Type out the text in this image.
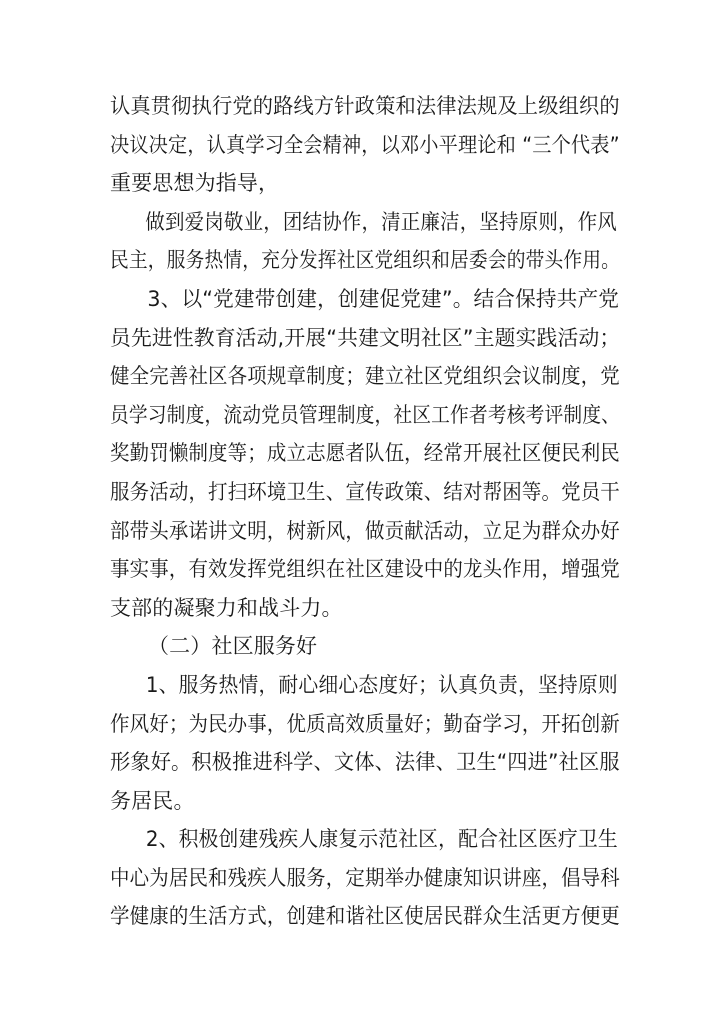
认真贯彻执行党的路线方针政策和法律法规及上级组织的
决议决定，认真学习全会精神，以邓小平理论和 “三个代表”
重要思想为指导，
做到爱岗敬业，团结协作，清正廉洁，坚持原则，作风
民主，服务热情，充分发挥社区党组织和居委会的带头作用。
3、以“党建带创建，创建促党建”。结合保持共产党
员先进性教育活动,开展“共建文明社区”主题实践活动；
健全完善社区各项规章制度；建立社区党组织会议制度，党
员学习制度，流动党员管理制度，社区工作者考核考评制度、
奖勤罚懒制度等；成立志愿者队伍，经常开展社区便民利民
服务活动，打扫环境卫生、宣传政策、结对帮困等。党员干
部带头承诺讲文明，树新风，做贡献活动，立足为群众办好
事实事，有效发挥党组织在社区建设中的龙头作用，增强党
支部的凝聚力和战斗力。
（二）社区服务好
1、服务热情，耐心细心态度好；认真负责，坚持原则
作风好；为民办事，优质高效质量好；勤奋学习，开拓创新
形象好。积极推进科学、文体、法律、卫生“四进”社区服
务居民。
2、积极创建残疾人康复示范社区，配合社区医疗卫生
中心为居民和残疾人服务，定期举办健康知识讲座，倡导科
学健康的生活方式，创建和谐社区使居民群众生活更方便更
